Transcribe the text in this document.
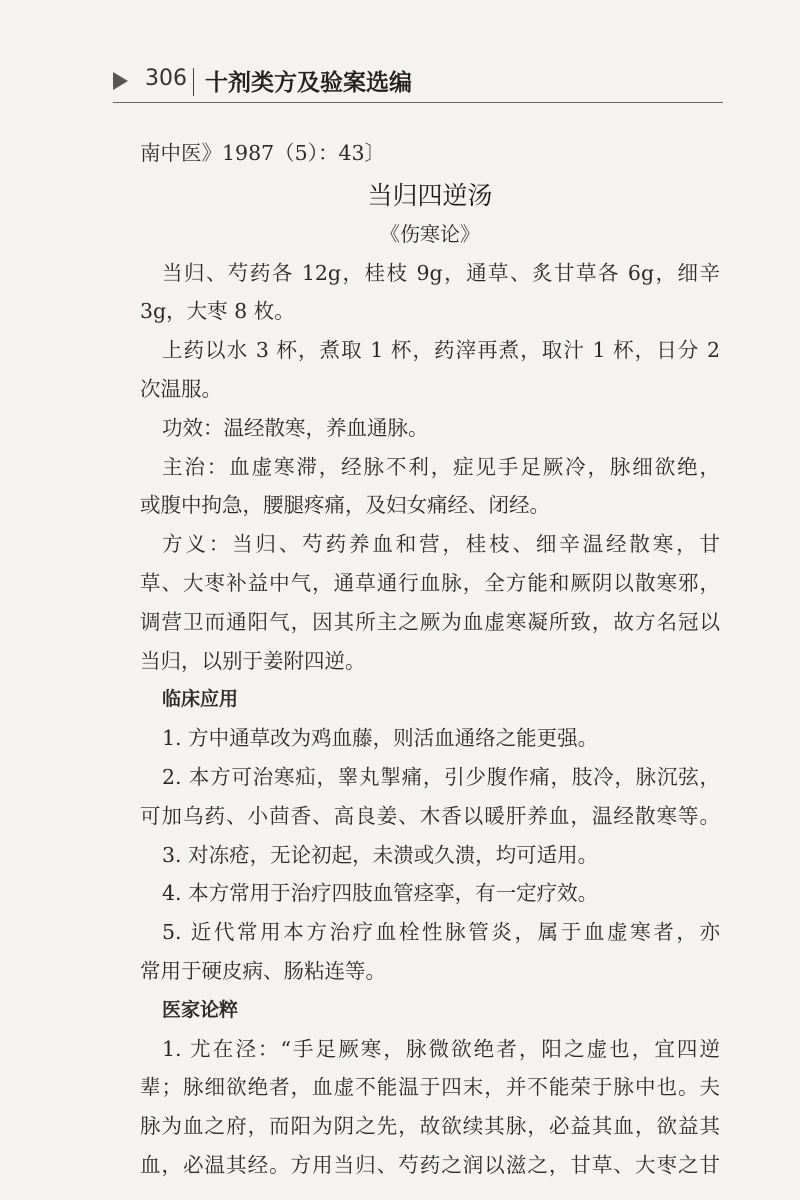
306 十剂类方及验案选编
南中医》1987（5）：43〕
当归四逆汤
《伤寒论》
当归、芍药各 12g，桂枝 9g，通草、炙甘草各 6g，细辛
3g，大枣 8 枚。
上药以水 3 杯，煮取 1 杯，药滓再煮，取汁 1 杯，日分 2
次温服。
功效：温经散寒，养血通脉。
主治：血虚寒滞，经脉不利，症见手足厥冷，脉细欲绝，
或腹中拘急，腰腿疼痛，及妇女痛经、闭经。
方义：当归、芍药养血和营，桂枝、细辛温经散寒，甘
草、大枣补益中气，通草通行血脉，全方能和厥阴以散寒邪，
调营卫而通阳气，因其所主之厥为血虚寒凝所致，故方名冠以
当归，以别于姜附四逆。
临床应用
1. 方中通草改为鸡血藤，则活血通络之能更强。
2. 本方可治寒疝，睾丸掣痛，引少腹作痛，肢冷，脉沉弦，
可加乌药、小茴香、高良姜、木香以暖肝养血，温经散寒等。
3. 对冻疮，无论初起，未溃或久溃，均可适用。
4. 本方常用于治疗四肢血管痉挛，有一定疗效。
5. 近代常用本方治疗血栓性脉管炎，属于血虚寒者，亦
常用于硬皮病、肠粘连等。
医家论粹
1. 尤在泾：“手足厥寒，脉微欲绝者，阳之虚也，宜四逆
辈；脉细欲绝者，血虚不能温于四末，并不能荣于脉中也。夫
脉为血之府，而阳为阴之先，故欲续其脉，必益其血，欲益其
血，必温其经。方用当归、芍药之润以滋之，甘草、大枣之甘
